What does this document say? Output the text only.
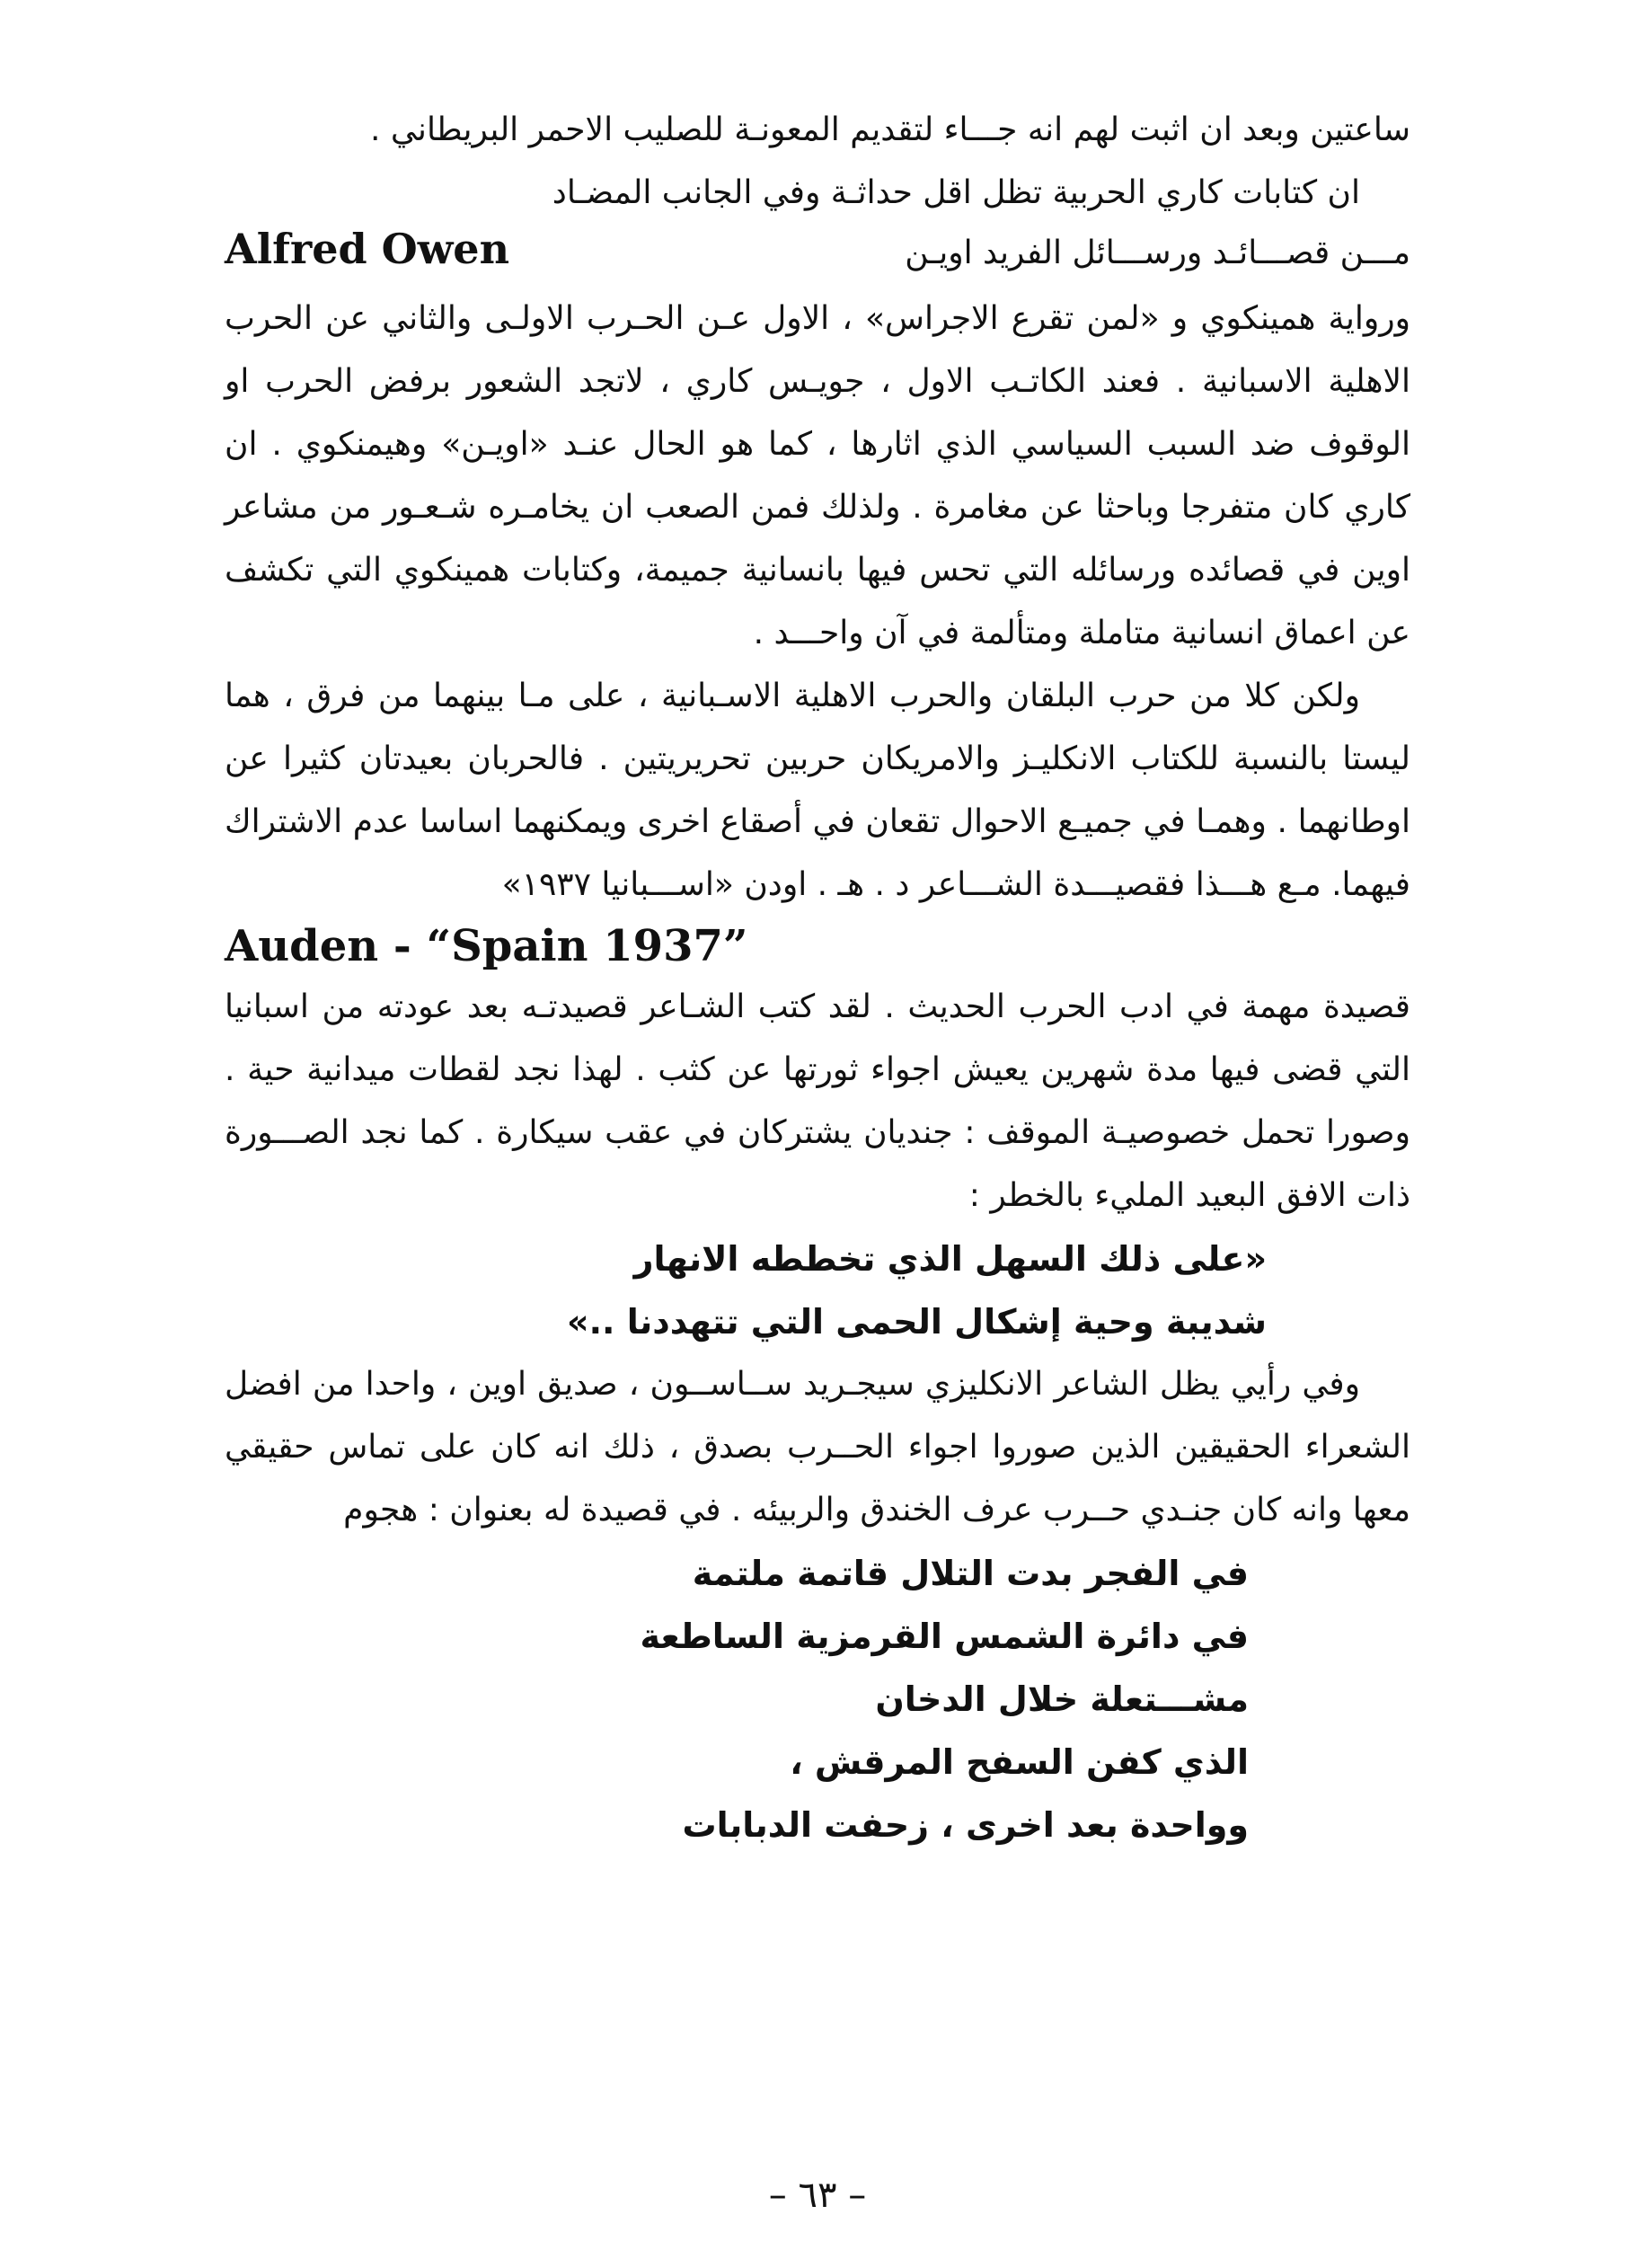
ساعتين وبعد ان اثبت لهم انه جـــاء لتقديم المعونـة للصليب الاحمر البريطاني .

ان كتابات كاري الحربية تظل اقل حداثـة وفي الجانب المضـاد

Alfred Owen	مـــن قصـــائـد ورســـائل الفريد اويـن

ورواية همينكوي و «لمن تقرع الاجراس» ، الاول عـن الحـرب الاولـى والثاني عن الحرب الاهلية الاسبانية . فعند الكاتـب الاول ، جويـس كاري ، لاتجد الشعور برفض الحرب او الوقوف ضد السبب السياسي الذي اثارها ، كما هو الحال عنـد «اويـن» وهيمنكوي . ان كاري كان متفرجا وباحثا عن مغامرة . ولذلك فمن الصعب ان يخامـره شـعـور من مشاعر اوين في قصائده ورسائله التي تحس فيها بانسانية جميمة، وكتابات همينكوي التي تكشف عن اعماق انسانية متاملة ومتألمة في آن واحـــد .

ولكن كلا من حرب البلقان والحرب الاهلية الاسـبانية ، على مـا بينهما من فرق ، هما ليستا بالنسبة للكتاب الانكليـز والامريكان حربين تحريريتين . فالحربان بعيدتان كثيرا عن اوطانهما . وهمـا في جميـع الاحوال تقعان في أصقاع اخرى ويمكنهما اساسا عدم الاشتراك فيهما. مـع هـــذا فقصيـــدة الشـــاعر د . هـ . اودن «اســـبانيا ۱۹۳۷»

Auden - “Spain 1937”

قصيدة مهمة في ادب الحرب الحديث . لقد كتب الشـاعر قصيدتـه بعد عودته من اسبانيا التي قضى فيها مدة شهرين يعيش اجواء ثورتها عن كثب . لهذا نجد لقطات ميدانية حية . وصورا تحمل خصوصيـة الموقف : جنديان يشتركان في عقب سيكارة . كما نجد الصـــورة ذات الافق البعيد المليء بالخطر :

«على ذلك السهل الذي تخططه الانهار

شديبة وحية إشكال الحمى التي تتهددنا ..»

وفي رأيي يظل الشاعر الانكليزي سيجـريد ســاســون ، صديق اوين ، واحدا من افضل الشعراء الحقيقين الذين صوروا اجواء الحــرب بصدق ، ذلك انه كان على تماس حقيقي معها وانه كان جنـدي حــرب عرف الخندق والربيئه . في قصيدة له بعنوان : هجوم

في الفجر بدت التلال قاتمة ملتمة

في دائرة الشمس القرمزية الساطعة

مشـــتعلة خلال الدخان

الذي كفن السفح المرقش ،

وواحدة بعد اخرى ، زحفت الدبابات

– ٦٣ –
